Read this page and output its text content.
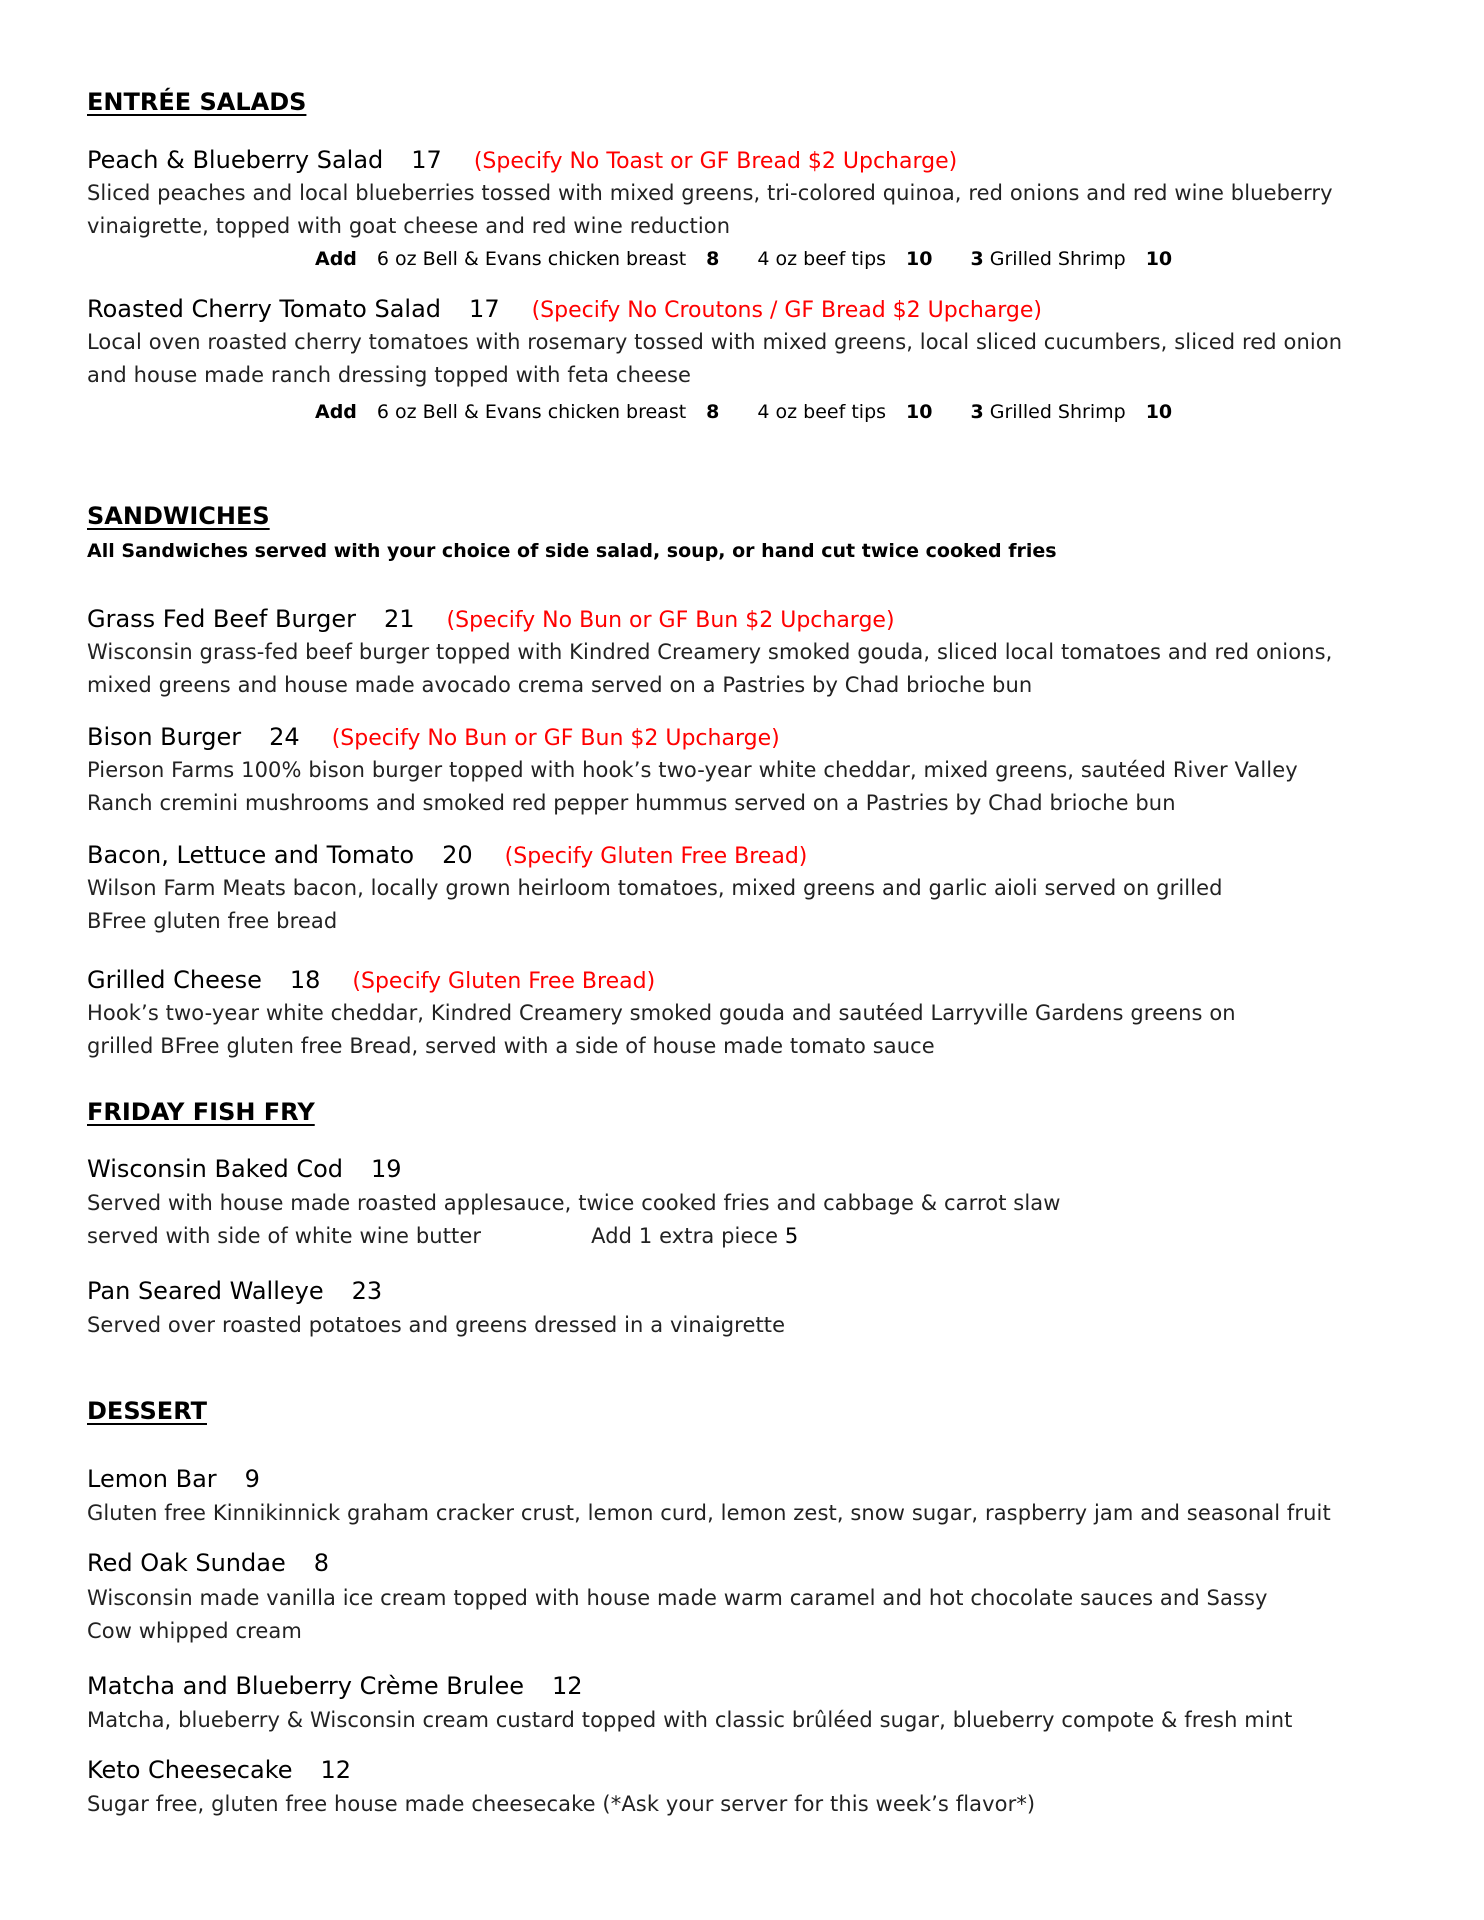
ENTRÉE SALADS
Peach & Blueberry Salad 17 (Specify No Toast or GF Bread $2 Upcharge)
Sliced peaches and local blueberries tossed with mixed greens, tri-colored quinoa, red onions and red wine blueberry
vinaigrette, topped with goat cheese and red wine reduction
Add 6 oz Bell & Evans chicken breast 8 4 oz beef tips 10 3 Grilled Shrimp 10
Roasted Cherry Tomato Salad 17 (Specify No Croutons / GF Bread $2 Upcharge)
Local oven roasted cherry tomatoes with rosemary tossed with mixed greens, local sliced cucumbers, sliced red onion
and house made ranch dressing topped with feta cheese
Add 6 oz Bell & Evans chicken breast 8 4 oz beef tips 10 3 Grilled Shrimp 10
SANDWICHES
All Sandwiches served with your choice of side salad, soup, or hand cut twice cooked fries
Grass Fed Beef Burger 21 (Specify No Bun or GF Bun $2 Upcharge)
Wisconsin grass-fed beef burger topped with Kindred Creamery smoked gouda, sliced local tomatoes and red onions,
mixed greens and house made avocado crema served on a Pastries by Chad brioche bun
Bison Burger 24 (Specify No Bun or GF Bun $2 Upcharge)
Pierson Farms 100% bison burger topped with hook’s two-year white cheddar, mixed greens, sautéed River Valley
Ranch cremini mushrooms and smoked red pepper hummus served on a Pastries by Chad brioche bun
Bacon, Lettuce and Tomato 20 (Specify Gluten Free Bread)
Wilson Farm Meats bacon, locally grown heirloom tomatoes, mixed greens and garlic aioli served on grilled
BFree gluten free bread
Grilled Cheese 18 (Specify Gluten Free Bread)
Hook’s two-year white cheddar, Kindred Creamery smoked gouda and sautéed Larryville Gardens greens on
grilled BFree gluten free Bread, served with a side of house made tomato sauce
FRIDAY FISH FRY
Wisconsin Baked Cod 19
Served with house made roasted applesauce, twice cooked fries and cabbage & carrot slaw
served with side of white wine butter	Add 1 extra piece 5
Pan Seared Walleye 23
Served over roasted potatoes and greens dressed in a vinaigrette
DESSERT
Lemon Bar 9
Gluten free Kinnikinnick graham cracker crust, lemon curd, lemon zest, snow sugar, raspberry jam and seasonal fruit
Red Oak Sundae 8
Wisconsin made vanilla ice cream topped with house made warm caramel and hot chocolate sauces and Sassy
Cow whipped cream
Matcha and Blueberry Crème Brulee 12
Matcha, blueberry & Wisconsin cream custard topped with classic brûléed sugar, blueberry compote & fresh mint
Keto Cheesecake 12
Sugar free, gluten free house made cheesecake (*Ask your server for this week’s flavor*)
